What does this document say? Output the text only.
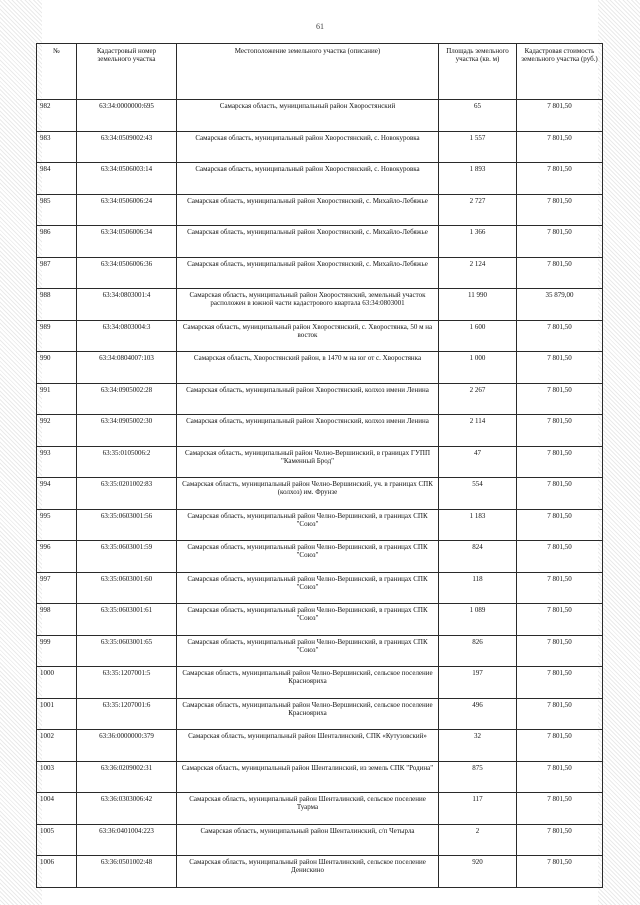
61
№	Кадастровый номер земельного участка	Местоположение земельного участка (описание)	Площадь земельного участка (кв. м)	Кадастровая стоимость земельного участка (руб.)
982	63:34:0000000:695	Самарская область, муниципальный район Хворостянский	65	7 801,50
983	63:34:0509002:43	Самарская область, муниципальный район Хворостянский, с. Новокуровка	1 557	7 801,50
984	63:34:0506003:14	Самарская область, муниципальный район Хворостянский, с. Новокуровка	1 893	7 801,50
985	63:34:0506006:24	Самарская область, муниципальный район Хворостянский, с. Михайло-Лебяжье	2 727	7 801,50
986	63:34:0506006:34	Самарская область, муниципальный район Хворостянский, с. Михайло-Лебяжье	1 366	7 801,50
987	63:34:0506006:36	Самарская область, муниципальный район Хворостянский, с. Михайло-Лебяжье	2 124	7 801,50
988	63:34:0803001:4	Самарская область, муниципальный район Хворостянский, земельный участок расположен в южной части кадастрового квартала 63:34:0803001	11 990	35 879,00
989	63:34:0803004:3	Самарская область, муниципальный район Хворостянский, с. Хворостянка, 50 м на восток	1 600	7 801,50
990	63:34:0804007:103	Самарская область, Хворостянский район, в 1470 м на юг от с. Хворостянка	1 000	7 801,50
991	63:34:0905002:28	Самарская область, муниципальный район Хворостянский, колхоз имени Ленина	2 267	7 801,50
992	63:34:0905002:30	Самарская область, муниципальный район Хворостянский, колхоз имени Ленина	2 114	7 801,50
993	63:35:0105006:2	Самарская область, муниципальный район Челно-Вершинский, в границах ГУПП "Каменный Брод"	47	7 801,50
994	63:35:0201002:83	Самарская область, муниципальный район Челно-Вершинский, уч. в границах СПК (колхоз) им. Фрунзе	554	7 801,50
995	63:35:0603001:56	Самарская область, муниципальный район Челно-Вершинский, в границах СПК "Союз"	1 183	7 801,50
996	63:35:0603001:59	Самарская область, муниципальный район Челно-Вершинский, в границах СПК "Союз"	824	7 801,50
997	63:35:0603001:60	Самарская область, муниципальный район Челно-Вершинский, в границах СПК "Союз"	118	7 801,50
998	63:35:0603001:61	Самарская область, муниципальный район Челно-Вершинский, в границах СПК "Союз"	1 089	7 801,50
999	63:35:0603001:65	Самарская область, муниципальный район Челно-Вершинский, в границах СПК "Союз"	826	7 801,50
1000	63:35:1207001:5	Самарская область, муниципальный район Челно-Вершинский, сельское поселение Краснояриха	197	7 801,50
1001	63:35:1207001:6	Самарская область, муниципальный район Челно-Вершинский, сельское поселение Краснояриха	496	7 801,50
1002	63:36:0000000:379	Самарская область, муниципальный район Шенталинский, СПК «Кутузовский»	32	7 801,50
1003	63:36:0209002:31	Самарская область, муниципальный район Шенталинский, из земель СПК "Родина"	875	7 801,50
1004	63:36:0303006:42	Самарская область, муниципальный район Шенталинский, сельское поселение Туарма	117	7 801,50
1005	63:36:0401004:223	Самарская область, муниципальный район Шенталинский, с/п Четырла	2	7 801,50
1006	63:36:0501002:48	Самарская область, муниципальный район Шенталинский, сельское поселение Денискино	920	7 801,50
